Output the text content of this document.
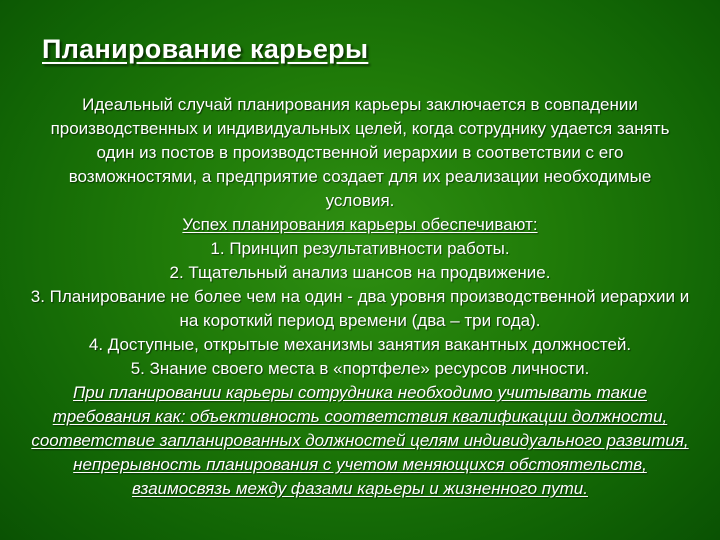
Планирование карьеры

Идеальный случай планирования карьеры заключается в совпадении производственных и индивидуальных целей, когда сотруднику удается занять один из постов в производственной иерархии в соответствии с его возможностями, а предприятие создает для их реализации необходимые условия.

Успех планирования карьеры обеспечивают:

1. Принцип результативности работы.
2. Тщательный анализ шансов на продвижение.
3. Планирование не более чем на один - два уровня производственной иерархии и на короткий период времени (два – три года).
4. Доступные, открытые механизмы занятия вакантных должностей.
5. Знание своего места в «портфеле» ресурсов личности.

При планировании карьеры сотрудника необходимо учитывать такие требования как: объективность соответствия квалификации должности, соответствие запланированных должностей целям индивидуального развития, непрерывность планирования с учетом меняющихся обстоятельств, взаимосвязь между фазами карьеры и жизненного пути.
